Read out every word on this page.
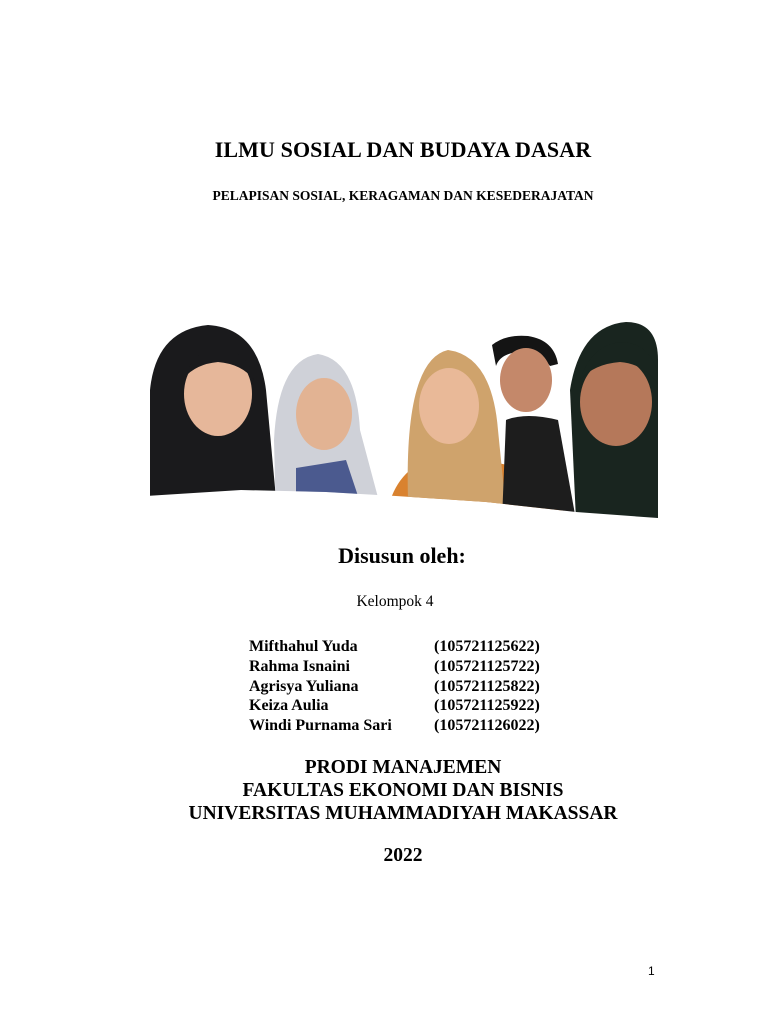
ILMU SOSIAL DAN BUDAYA DASAR
PELAPISAN SOSIAL, KERAGAMAN DAN KESEDERAJATAN
Disusun oleh:
Kelompok 4
Mifthahul Yuda	(105721125622)
Rahma Isnaini	(105721125722)
Agrisya Yuliana	(105721125822)
Keiza Aulia	(105721125922)
Windi Purnama Sari	(105721126022)
PRODI MANAJEMEN
FAKULTAS EKONOMI DAN BISNIS
UNIVERSITAS MUHAMMADIYAH MAKASSAR
2022
1
